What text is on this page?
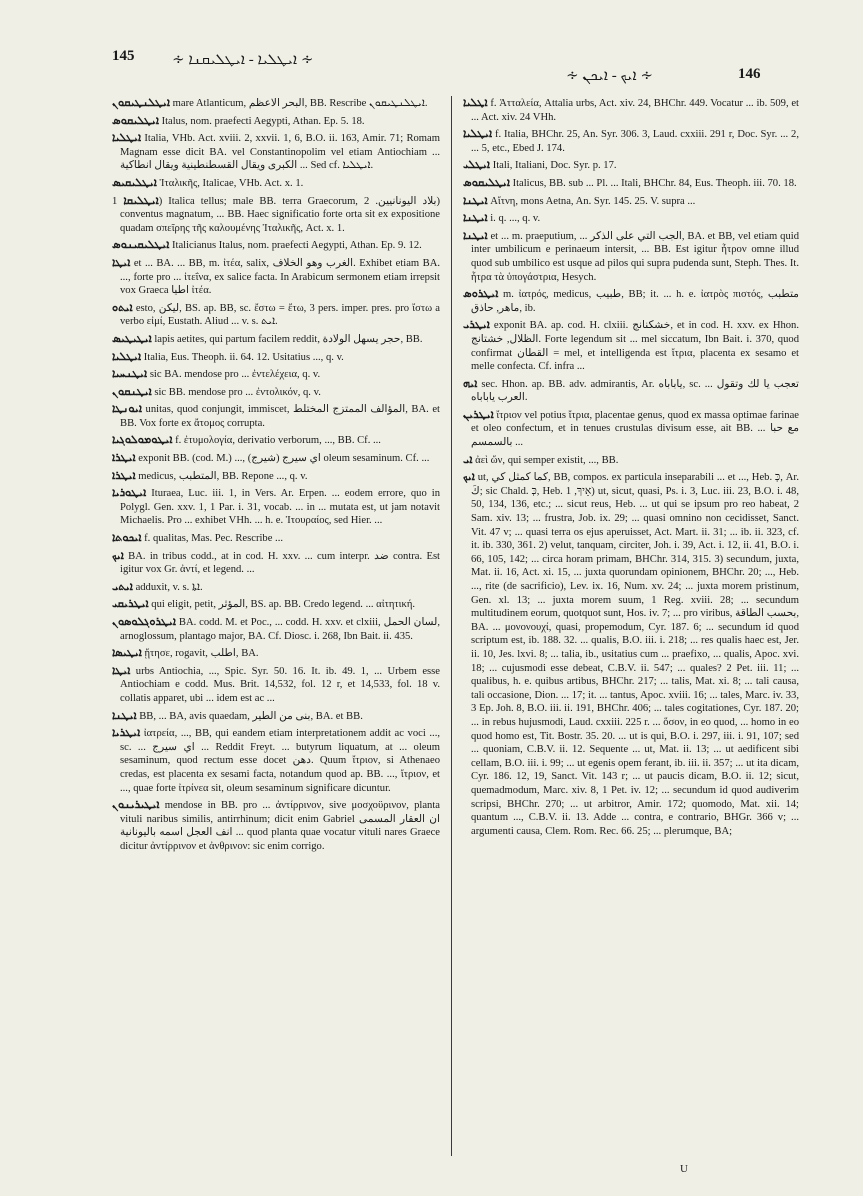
145	∻ ܐܝܛܠܝܐ - ܐܝܛܠܝܩܢܐ ∻
∻ ܐܝܟ - ܐܝܟܢ ∻	146

ܐܝܛܠܢܛܝܩܘܢ mare Atlanticum, البحر الاعظم, BB. Rescribe ܐܝܛܠܢܛܝܩܘܢ.

ܐܝܛܠܝܩܘܣ Italus, nom. praefecti Aegypti, Athan. Ep. 5. 18.

ܐܝܛܠܝܐ Italia, VHb. Act. xviii. 2, xxvii. 1, 6, B.O. ii. 163, Amir. 71; Romam Magnam esse dicit BA. vel Constantinopolim vel etiam Antiochiam ... الكبرى ويقال القسطنطينية ويقال انطاكية ... Sed cf. ܐܝܛܠܝܐ.

ܐܝܛܠܝܩܝܣ Ἰταλικῆς, Italicae, VHb. Act. x. 1.

ܐܝܛܠܝܩܐ 1) Italica tellus; male BB. terra Graecorum, بلاد اليونانيين. 2) conventus magnatum, ... BB. Haec significatio forte orta sit ex expositione quadam σπεῖρης τῆς καλουμένης Ἰταλικῆς, Act. x. 1.

ܐܝܛܠܝܩܝܢܘܣ Italicianus Italus, nom. praefecti Aegypti, Athan. Ep. 9. 12.

ܐܝܛܐ et ... BA. ... BB, m. ἰτέα, salix, الغرب وهو الخلاف. Exhibet etiam BA. ..., forte pro ... ἰτεΐνα, ex salice facta. In Arabicum sermonem etiam irrepsit vox Graeca اطيا ἰτέα.

ܐܝܬܘ esto, ليكن, BS. ap. BB, sc. ἔστω = ἔτω, 3 pers. imper. pres. pro ἴστω a verbo εἰμί, Eustath. Aliud ... v. s. ܐܝܬ.

ܐܝܛܝܛܝܣ lapis aetites, qui partum facilem reddit, حجر يسهل الولادة, BB.

ܐܝܛܠܝܐ Italia, Eus. Theoph. ii. 64. 12. Usitatius ..., q. v.

ܐܝܛܢܚܝܐ sic BA. mendose pro ... ἐντελέχεια, q. v.

ܐܝܛܢܩܘܢ sic BB. mendose pro ... ἐντολικόν, q. v.

ܐܝܘܢܛܐ unitas, quod conjungit, immiscet, المؤالف الممتزج المختلط, BA. et BB. Vox forte ex ἄτομος corrupta.

ܐܝܛܘܡܘܠܘܓܝܐ f. ἐτυμολογία, derivatio verborum, ..., BB. Cf. ...

ܐܝܛܪܐ exponit BB. (cod. M.) ..., اي سيرج (شيرج) oleum sesaminum. Cf. ...

ܐܝܛܪܐ medicus, المتطبب, BB. Repone ..., q. v.

ܐܝܛܘܪܝܐ Ituraea, Luc. iii. 1, in Vers. Ar. Erpen. ... eodem errore, quo in Polygl. Gen. xxv. 1, 1 Par. i. 31, vocab. ... in ... mutata est, ut jam notavit Michaelis. Pro ... exhibet VHh. ... h. e. Ἰτουραίος, sed Hier. ...

ܐܝܟܘܬܐ f. qualitas, Mas. Pec. Rescribe ...

ܐܝܟ BA. in tribus codd., at in cod. H. xxv. ... cum interpr. ضد contra. Est igitur vox Gr. ἀντί, et legend. ...

ܐܝܬܝ adduxit, v. s. ܐܬܐ.

ܐܝܛܪܝܩܝ qui eligit, petit, المؤثر, BS. ap. BB. Credo legend. ... αἰτητική.

ܐܝܛܪܘܓܠܘܣܘܢ BA. codd. M. et Poc., ... codd. H. xxv. et clxiii, لسان الحمل, arnoglossum, plantago major, BA. Cf. Diosc. i. 268, Ibn Bait. ii. 435.

ܐܝܛܝܣܐ ᾔτησε, rogavit, اطلب, BA.

ܐܝܛܐ urbs Antiochia, ..., Spic. Syr. 50. 16. It. ib. 49. 1, ... Urbem esse Antiochiam e codd. Mus. Brit. 14,532, fol. 12 r, et 14,533, fol. 18 v. collatis apparet, ubi ... idem est ac ...

ܐܝܛܢܐ BB, ... BA, avis quaedam, بنى من الطير, BA. et BB.

ܐܝܛܪܝܐ ἰατρεία, ..., BB, qui eandem etiam interpretationem addit ac voci ..., sc. ... اي سيرج ... Reddit Freyt. ... butyrum liquatum, at ... oleum sesaminum, quod rectum esse docet دهن. Quum ἴτριον, si Athenaeo credas, est placenta ex sesami facta, notandum quod ap. BB. ..., ἴτριον, et ..., quae forte ἰτρίνεα sit, oleum sesaminum significare dicuntur.

ܐܝܛܝܪܝܢܘܢ mendose in BB. pro ... ἀντίρρινον, sive μοσχοϋρινον, planta vituli naribus similis, antirrhinum; dicit enim Gabriel ان العقار المسمى انف العجل اسمه باليونانية ... quod planta quae vocatur vituli nares Graece dicitur ἀντίρρινον et ἀνθρινον: sic enim corrigo.

ܐܛܠܝܐ f. Ἀτταλεία, Attalia urbs, Act. xiv. 24, BHChr. 449. Vocatur ... ib. 509, et ... Act. xiv. 24 VHh.

ܐܝܛܠܝܐ f. Italia, BHChr. 25, An. Syr. 306. 3, Laud. cxxiii. 291 r, Doc. Syr. ... 2, ... 5, etc., Ebed J. 174.

ܐܝܛܠܝ Itali, Italiani, Doc. Syr. p. 17.

ܐܝܛܠܝܩܘܣ Italicus, BB. sub ... Pl. ... Itali, BHChr. 84, Eus. Theoph. iii. 70. 18.

ܐܝܛܢܐ Αἴτνη, mons Aetna, An. Syr. 145. 25. V. supra ...

ܐܝܛܢܐ i. q. ..., q. v.

ܐܝܛܢܐ et ... m. praeputium, ... الجب التي على الذكر, BA. et BB, vel etiam quid inter umbilicum e perinaeum intersit, ... BB. Est igitur ἦτρον omne illud quod sub umbilico est usque ad pilos qui supra pudenda sunt, Steph. Thes. It. ἦτρα τὰ ὑπογάστρια, Hesych.

ܐܝܛܪܘܣ m. ἰατρός, medicus, طبيب, BB; it. ... h. e. ἰατρὸς πιστός, متطبب ماهر, حاذق, ib.

ܐܝܛܪܝ exponit BA. ap. cod. H. clxiii. خشكنانج, et in cod. H. xxv. ex Hhon. الظلال, خشتانج. Forte legendum sit ... mel siccatum, Ibn Bait. i. 370, quod confirmat القطان = mel, et intelligenda est ἴτρια, placenta ex sesamo et melle confecta. Cf. infra ...

ܐܝܗ sec. Hhon. ap. BB. adv. admirantis, Ar. ياباباه, sc. ... تعجب يا لك وتقول العرب ياباباه.

ܐܝܛܪܝܢ ἴτριον vel potius ἴτρια, placentae genus, quod ex massa optimae farinae et oleo confectum, et in tenues crustulas divisum esse, ait BB. ... مع حبا بالسمسم ...

ܐܝ ἀεὶ ὤν, qui semper existit, ..., BB.

ܐܝܟ ut, كما كمثل كي, BB, compos. ex particula inseparabili ... et ..., Heb. כְּ, Ar. كَ; sic Chald. כְּ, Heb. אֵיךְ, 1) ut, sicut, quasi, Ps. i. 3, Luc. iii. 23, B.O. i. 48, 50, 134, 136, etc.; ... sicut reus, Heb. ... ut qui se ipsum pro reo habeat, 2 Sam. xiv. 13; ... frustra, Job. ix. 29; ... quasi omnino non cecidisset, Sanct. Vit. 47 v; ... quasi terra os ejus aperuisset, Act. Mart. ii. 31; ... ib. ii. 323, cf. it. ib. 330, 361. 2) velut, tanquam, circiter, Joh. i. 39, Act. i. 12, ii. 41, B.O. i. 66, 105, 142; ... circa horam primam, BHChr. 314, 315. 3) secundum, juxta, Mat. ii. 16, Act. xi. 15, ... juxta quorundam opinionem, BHChr. 20; ..., Heb. ..., rite (de sacrificio), Lev. ix. 16, Num. xv. 24; ... juxta morem pristinum, Gen. xl. 13; ... juxta morem suum, 1 Reg. xviii. 28; ... secundum multitudinem eorum, quotquot sunt, Hos. iv. 7; ... pro viribus, بحسب الطاقة, BA. ... μονονουχί, quasi, propemodum, Cyr. 187. 6; ... secundum id quod scriptum est, ib. 188. 32. ... qualis, B.O. iii. i. 218; ... res qualis haec est, Jer. ii. 10, Jes. lxvi. 8; ... talia, ib., usitatius cum ... praefixo, ... qualis, Apoc. xvi. 18; ... cujusmodi esse debeat, C.B.V. ii. 547; ... quales? 2 Pet. iii. 11; ... qualibus, h. e. quibus artibus, BHChr. 217; ... talis, Mat. xi. 8; ... tali causa, tali occasione, Dion. ... 17; it. ... tantus, Apoc. xviii. 16; ... tales, Marc. iv. 33, 3 Ep. Joh. 8, B.O. iii. ii. 191, BHChr. 406; ... tales cogitationes, Cyr. 187. 20; ... in rebus hujusmodi, Laud. cxxiii. 225 r. ... ὅσον, in eo quod, ... homo in eo quod homo est, Tit. Bostr. 35. 20. ... ut is qui, B.O. i. 297, iii. i. 91, 107; sed ... quoniam, C.B.V. ii. 12. Sequente ... ut, Mat. ii. 13; ... ut aedificent sibi cellam, B.O. iii. i. 99; ... ut egenis opem ferant, ib. iii. ii. 357; ... ut ita dicam, Cyr. 186. 12, 19, Sanct. Vit. 143 r; ... ut paucis dicam, B.O. ii. 12; sicut, quemadmodum, Marc. xiv. 8, 1 Pet. iv. 12; ... secundum id quod audiverim scripsi, BHChr. 270; ... ut arbitror, Amir. 172; quomodo, Mat. xii. 14; quantum ..., C.B.V. ii. 13. Adde ... contra, e contrario, BHGr. 366 v; ... argumenti causa, Clem. Rom. Rec. 66. 25; ... plerumque, BA;

U
